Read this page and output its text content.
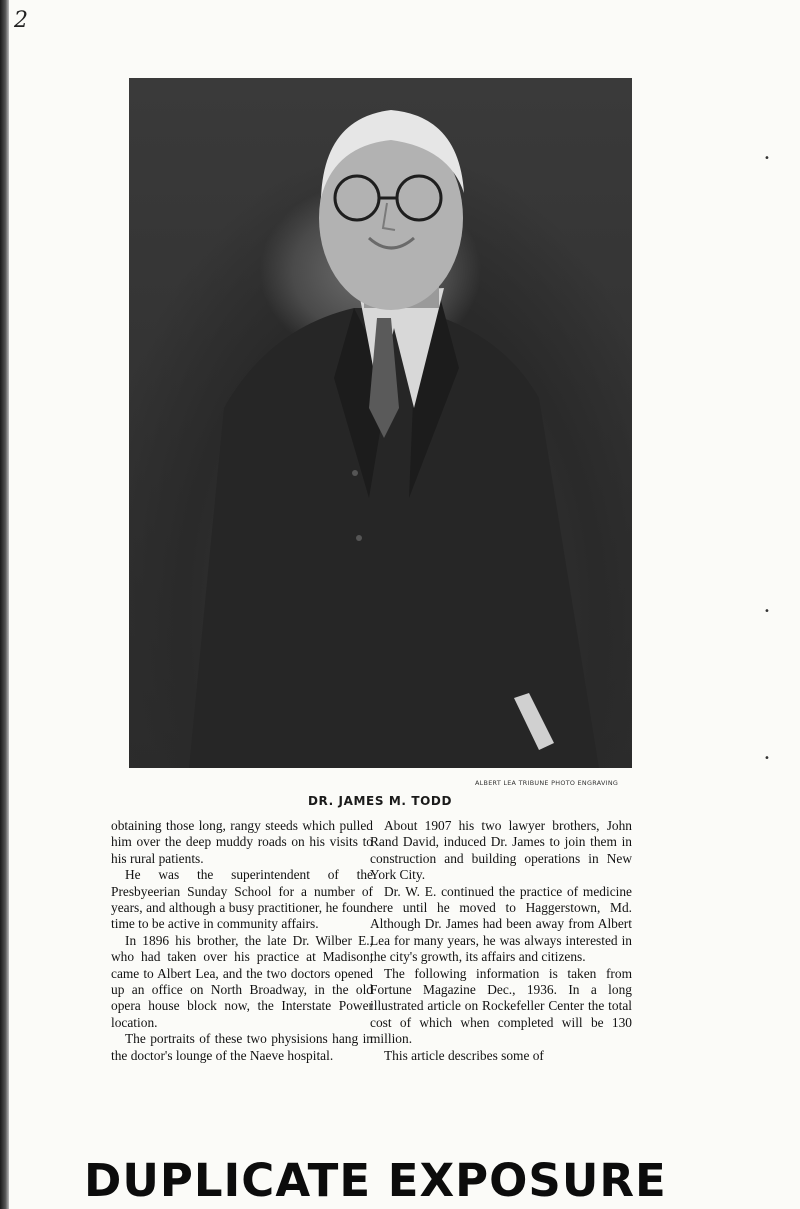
2
ALBERT LEA TRIBUNE PHOTO ENGRAVING
DR. JAMES M. TODD

obtaining those long, rangy steeds which pulled him over the deep muddy roads on his visits to his rural patients.

He was the superintendent of the Presbyeerian Sunday School for a number of years, and although a busy practitioner, he found time to be active in community affairs.

In 1896 his brother, the late Dr. Wilber E., who had taken over his practice at Madison, came to Albert Lea, and the two doctors opened up an office on North Broadway, in the old opera house block now, the Interstate Power location.

The portraits of these two physisions hang in the doctor's lounge of the Naeve hospital.

About 1907 his two lawyer brothers, John Rand David, induced Dr. James to join them in construction and building operations in New York City.

Dr. W. E. continued the practice of medicine here until he moved to Haggerstown, Md. Although Dr. James had been away from Albert Lea for many years, he was always interested in the city's growth, its affairs and citizens.

The following information is taken from Fortune Magazine Dec., 1936. In a long illustrated article on Rockefeller Center the total cost of which when completed will be 130 million.

This article describes some of

DUPLICATE EXPOSURE
•
•
•
